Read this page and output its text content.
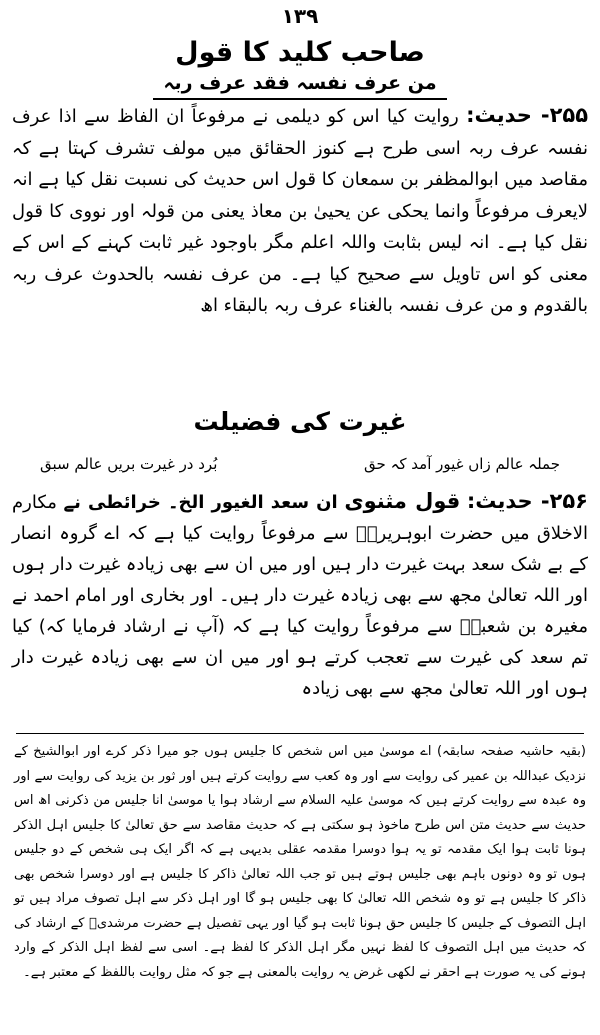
۱۳۹
صاحب کلید کا قول
من عرف نفسہ فقد عرف ربہ

۲۵۵- حدیث: روایت کیا اس کو دیلمی نے مرفوعاً ان الفاظ سے اذا عرف نفسہ عرف ربہ اسی طرح ہے کنوز الحقائق میں مولف تشرف کہتا ہے کہ مقاصد میں ابوالمظفر بن سمعان کا قول اس حدیث کی نسبت نقل کیا ہے انہ لایعرف مرفوعاً وانما یحکی عن یحییٰ بن معاذ یعنی من قولہ اور نووی کا قول نقل کیا ہے۔ انہ لیس بثابت واللہ اعلم مگر باوجود غیر ثابت کہنے کے اس کے معنی کو اس تاویل سے صحیح کیا ہے۔ من عرف نفسہ بالحدوث عرف ربہ بالقدوم و من عرف نفسہ بالغناء عرف ربہ بالبقاء اھ

غیرت کی فضیلت
جملہ عالم زاں غیور آمد کہ حق
بُرد در غیرت بریں عالم سبق

۲۵۶- حدیث: قول مثنوی ان سعد الغیور الخ۔ خرائطی نے مکارم الاخلاق میں حضرت ابوہریرہؓ سے مرفوعاً روایت کیا ہے کہ اے گروہ انصار کے بے شک سعد بہت غیرت دار ہیں اور میں ان سے بھی زیادہ غیرت دار ہوں اور اللہ تعالیٰ مجھ سے بھی زیادہ غیرت دار ہیں۔ اور بخاری اور امام احمد نے مغیرہ بن شعبہؓ سے مرفوعاً روایت کیا ہے کہ (آپ نے ارشاد فرمایا کہ) کیا تم سعد کی غیرت سے تعجب کرتے ہو اور میں ان سے بھی زیادہ غیرت دار ہوں اور اللہ تعالیٰ مجھ سے بھی زیادہ

(بقیہ حاشیہ صفحہ سابقہ) اے موسیٰ میں اس شخص کا جلیس ہوں جو میرا ذکر کرے اور ابوالشیخ کے نزدیک عبداللہ بن عمیر کی روایت سے اور وہ کعب سے روایت کرتے ہیں اور ثور بن یزید کی روایت سے اور وہ عبدہ سے روایت کرتے ہیں کہ موسیٰ علیہ السلام سے ارشاد ہوا یا موسیٰ انا جلیس من ذکرنی اھ اس حدیث سے حدیث متن اس طرح ماخوذ ہو سکتی ہے کہ حدیث مقاصد سے حق تعالیٰ کا جلیس اہل الذکر ہونا ثابت ہوا ایک مقدمہ تو یہ ہوا دوسرا مقدمہ عقلی بدیہی ہے کہ اگر ایک ہی شخص کے دو جلیس ہوں تو وہ دونوں باہم بھی جلیس ہوتے ہیں تو جب اللہ تعالیٰ ذاکر کا جلیس ہے اور دوسرا شخص بھی ذاکر کا جلیس ہے تو وہ شخص اللہ تعالیٰ کا بھی جلیس ہو گا اور اہل ذکر سے اہل تصوف مراد ہیں تو اہل التصوف کے جلیس کا جلیس حق ہونا ثابت ہو گیا اور یہی تفصیل ہے حضرت مرشدیؒ کے ارشاد کی کہ حدیث میں اہل التصوف کا لفظ نہیں مگر اہل الذکر کا لفظ ہے۔ اسی سے لفظ اہل الذکر کے وارد ہونے کی یہ صورت ہے احقر نے لکھی غرض یہ روایت بالمعنی ہے جو کہ مثل روایت باللفظ کے معتبر ہے۔
